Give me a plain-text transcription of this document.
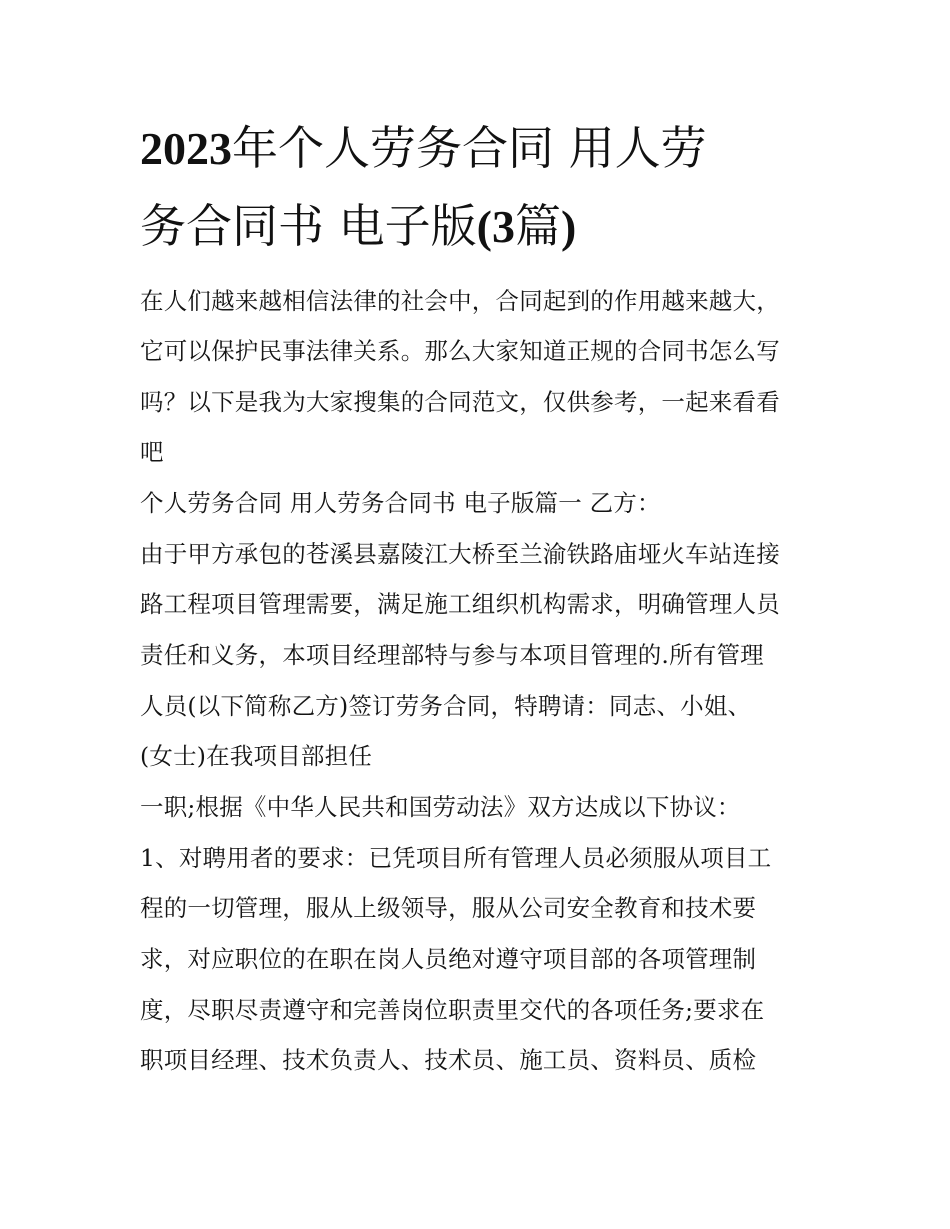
2023年个人劳务合同 用人劳
务合同书 电子版(3篇)
在人们越来越相信法律的社会中，合同起到的作用越来越大，
它可以保护民事法律关系。那么大家知道正规的合同书怎么写
吗？以下是我为大家搜集的合同范文，仅供参考，一起来看看
吧
个人劳务合同 用人劳务合同书 电子版篇一 乙方：
由于甲方承包的苍溪县嘉陵江大桥至兰渝铁路庙垭火车站连接
路工程项目管理需要，满足施工组织机构需求，明确管理人员
责任和义务，本项目经理部特与参与本项目管理的.所有管理
人员(以下简称乙方)签订劳务合同，特聘请：同志、小姐、
(女士)在我项目部担任
一职;根据《中华人民共和国劳动法》双方达成以下协议：
1、对聘用者的要求：已凭项目所有管理人员必须服从项目工
程的一切管理，服从上级领导，服从公司安全教育和技术要
求，对应职位的在职在岗人员绝对遵守项目部的各项管理制
度，尽职尽责遵守和完善岗位职责里交代的各项任务;要求在
职项目经理、技术负责人、技术员、施工员、资料员、质检
